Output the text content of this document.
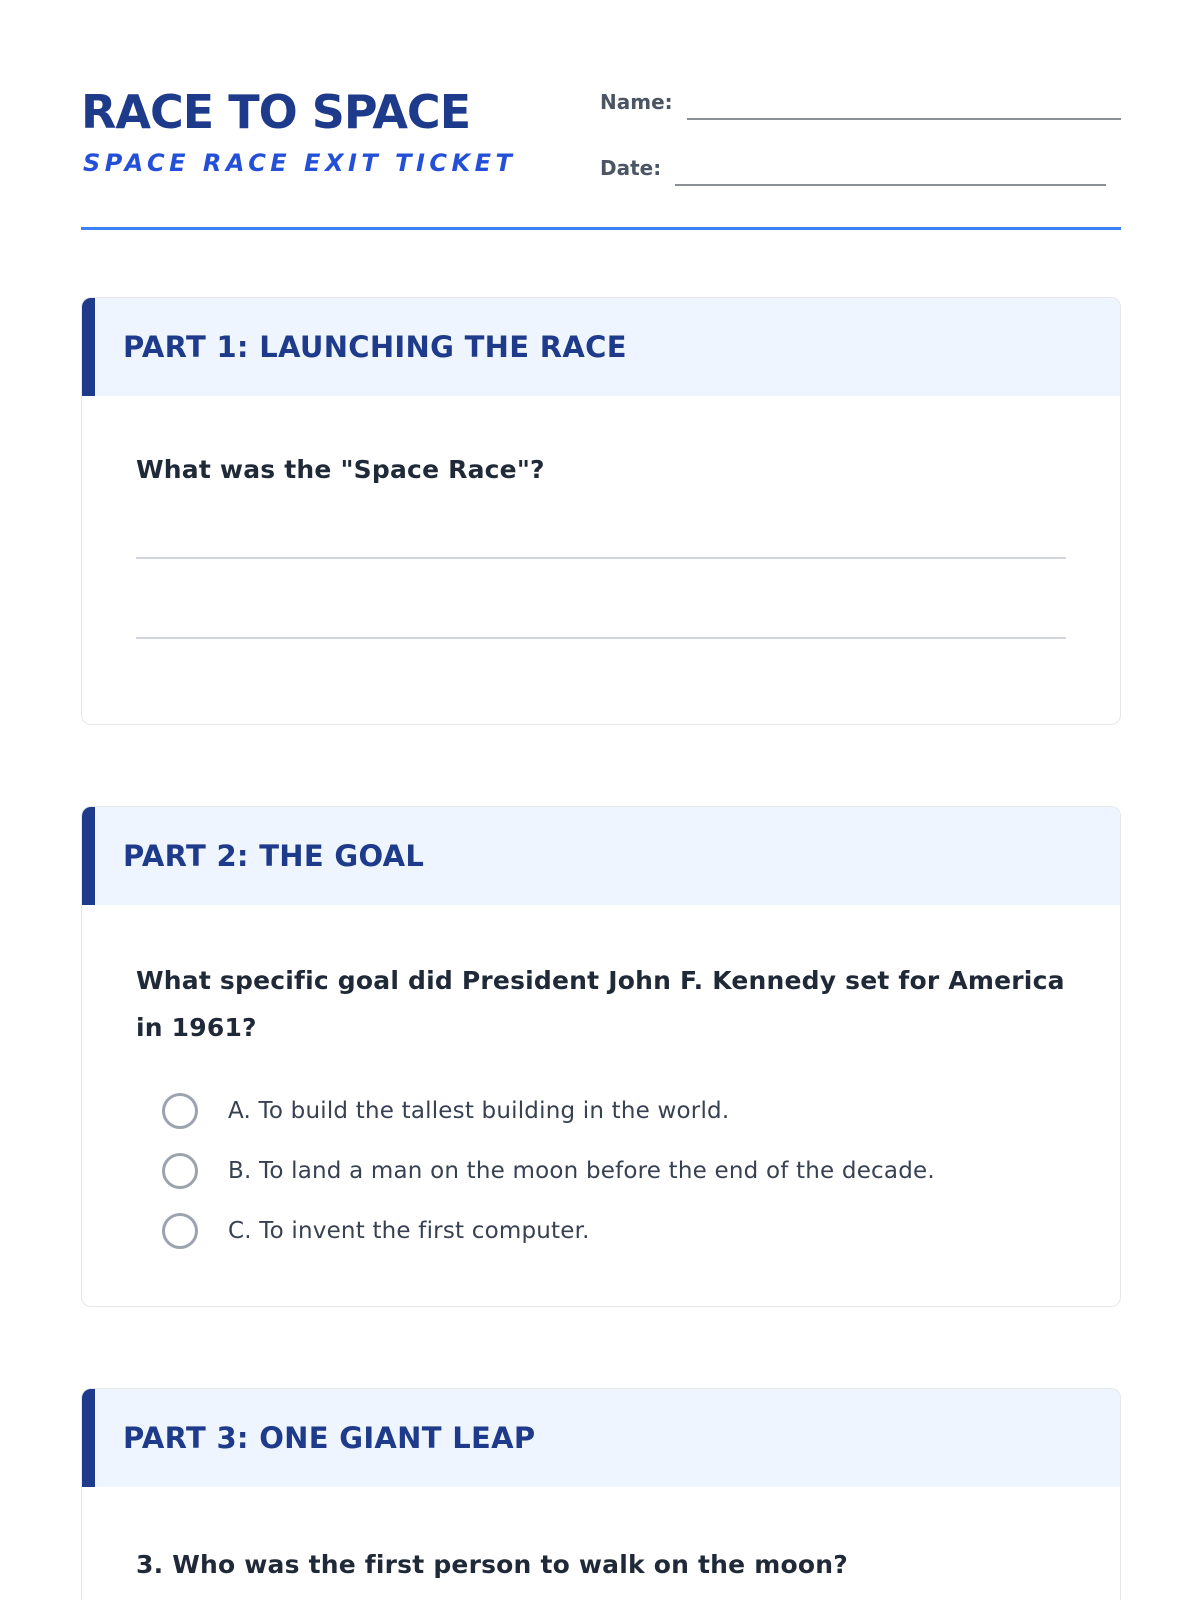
RACE TO SPACE

SPACE RACE EXIT TICKET

Name:
Date:
PART 1: LAUNCHING THE RACE

What was the "Space Race"?

PART 2: THE GOAL

What specific goal did President John F. Kennedy set for America in 1961?

A. To build the tallest building in the world.
B. To land a man on the moon before the end of the decade.
C. To invent the first computer.
PART 3: ONE GIANT LEAP

3. Who was the first person to walk on the moon?
